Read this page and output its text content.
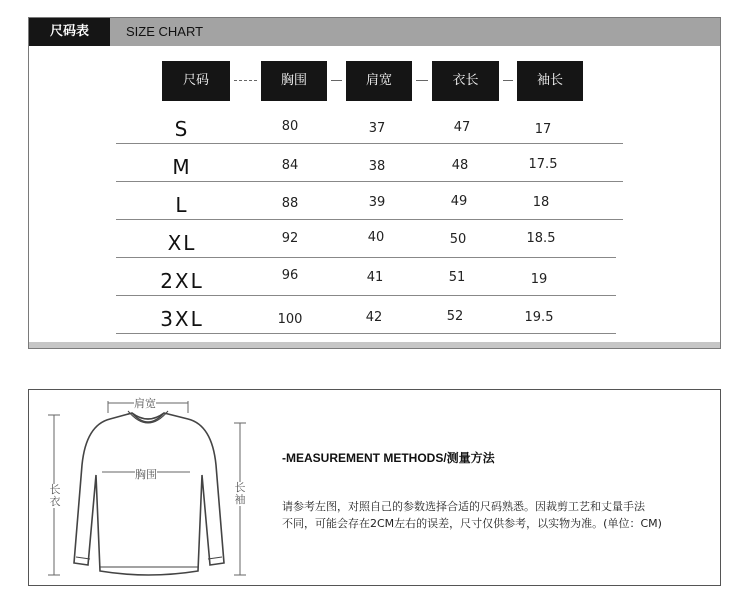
尺码表	SIZE CHART
尺码	胸围	肩宽	衣长	袖长
S	80	37	47	17
M	84	38	48	17.5
L	88	39	49	18
XL	92	40	50	18.5
2XL	96	41	51	19
3XL	100	42	52	19.5
肩宽
胸围
长衣
长袖
-MEASUREMENT METHODS/测量方法
请参考左图，对照自己的参数选择合适的尺码熟悉。因裁剪工艺和丈量手法
不同，可能会存在2CM左右的误差，尺寸仅供参考，以实物为准。(单位：CM)
